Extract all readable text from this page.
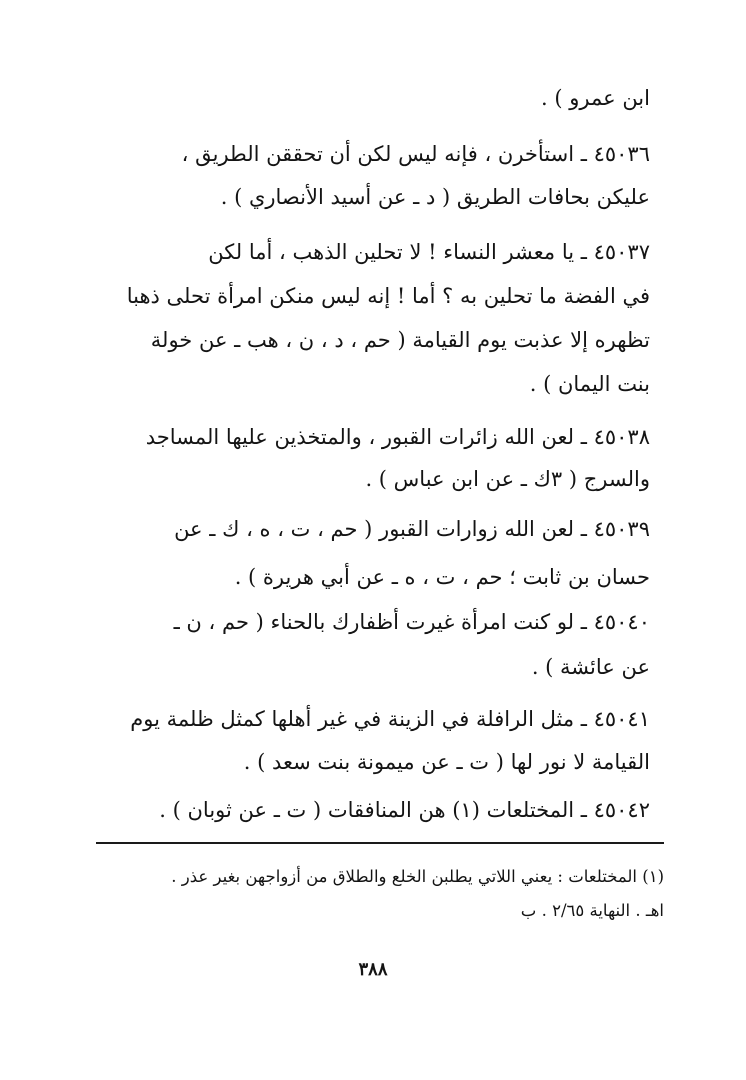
ابن عمرو ) .
٤٥٠٣٦ ـ استأخرن ، فإنه ليس لكن أن تحققن الطريق ،
عليكن بحافات الطريق ( د ـ عن أسيد الأنصاري ) .
٤٥٠٣٧ ـ يا معشر النساء ! لا تحلين الذهب ، أما لكن
في الفضة ما تحلين به ؟ أما ! إنه ليس منكن امرأة تحلى ذهبا
تظهره إلا عذبت يوم القيامة ( حم ، د ، ن ، هب ـ عن خولة
بنت اليمان ) .
٤٥٠٣٨ ـ لعن الله زائرات القبور ، والمتخذين عليها المساجد
والسرج ( ٣ك ـ عن ابن عباس ) .
٤٥٠٣٩ ـ لعن الله زوارات القبور ( حم ، ت ، ه ، ك ـ عن
حسان بن ثابت ؛ حم ، ت ، ه ـ عن أبي هريرة ) .
٤٥٠٤٠ ـ لو كنت امرأة غيرت أظفارك بالحناء ( حم ، ن ـ
عن عائشة ) .
٤٥٠٤١ ـ مثل الرافلة في الزينة في غير أهلها كمثل ظلمة يوم
القيامة لا نور لها ( ت ـ عن ميمونة بنت سعد ) .
٤٥٠٤٢ ـ المختلعات (١) هن المنافقات ( ت ـ عن ثوبان ) .
(١) المختلعات : يعني اللاتي يطلبن الخلع والطلاق من أزواجهن بغير عذر .
اهـ . النهاية ٢/٦٥ . ب
٣٨٨
